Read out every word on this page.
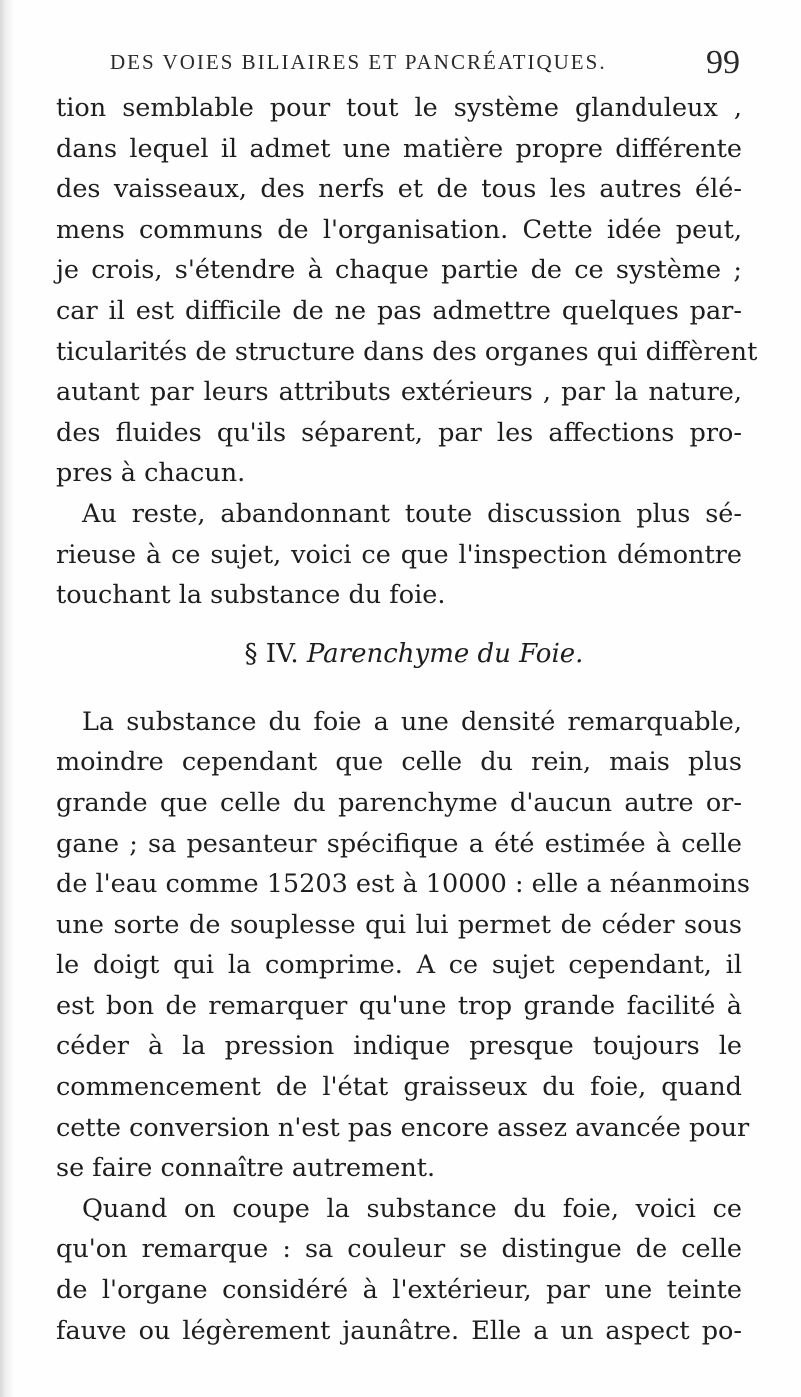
DES VOIES BILIAIRES ET PANCRÉATIQUES.	99
tion semblable pour tout le système glanduleux ,
dans lequel il admet une matière propre différente
des vaisseaux, des nerfs et de tous les autres élé-
mens communs de l'organisation. Cette idée peut,
je crois, s'étendre à chaque partie de ce système ;
car il est difficile de ne pas admettre quelques par-
ticularités de structure dans des organes qui diffèrent
autant par leurs attributs extérieurs , par la nature,
des fluides qu'ils séparent, par les affections pro-
pres à chacun.
Au reste, abandonnant toute discussion plus sé-
rieuse à ce sujet, voici ce que l'inspection démontre
touchant la substance du foie.
§ IV. Parenchyme du Foie.
La substance du foie a une densité remarquable,
moindre cependant que celle du rein, mais plus
grande que celle du parenchyme d'aucun autre or-
gane ; sa pesanteur spécifique a été estimée à celle
de l'eau comme 15203 est à 10000 : elle a néanmoins
une sorte de souplesse qui lui permet de céder sous
le doigt qui la comprime. A ce sujet cependant, il
est bon de remarquer qu'une trop grande facilité à
céder à la pression indique presque toujours le
commencement de l'état graisseux du foie, quand
cette conversion n'est pas encore assez avancée pour
se faire connaître autrement.
Quand on coupe la substance du foie, voici ce
qu'on remarque : sa couleur se distingue de celle
de l'organe considéré à l'extérieur, par une teinte
fauve ou légèrement jaunâtre. Elle a un aspect po-
